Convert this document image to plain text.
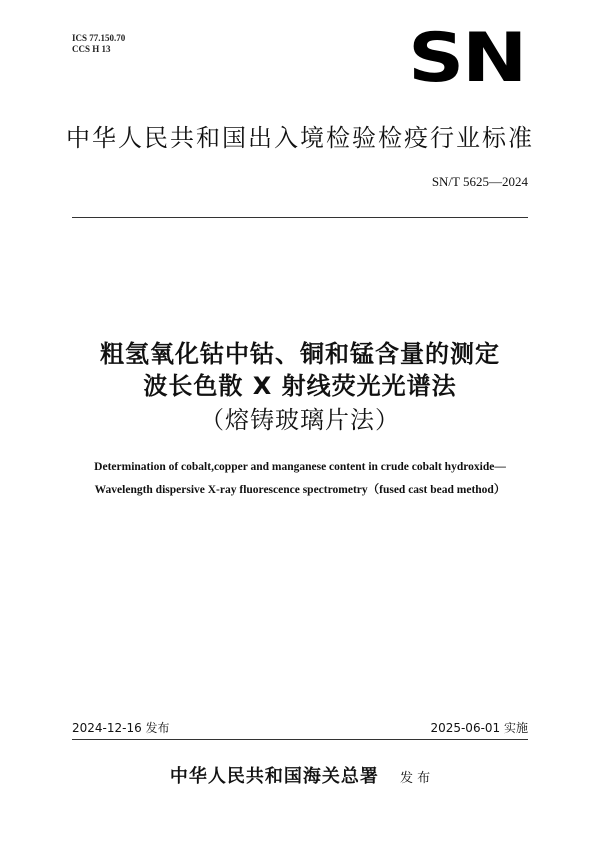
ICS 77.150.70
CCS H 13	SN
中华人民共和国出入境检验检疫行业标准
SN/T 5625—2024
粗氢氧化钴中钴、铜和锰含量的测定
波长色散 X 射线荧光光谱法
（熔铸玻璃片法）
Determination of cobalt,copper and manganese content in crude cobalt hydroxide—
Wavelength dispersive X-ray fluorescence spectrometry（fused cast bead method）
2024-12-16 发布	2025-06-01 实施
中华人民共和国海关总署 发 布
